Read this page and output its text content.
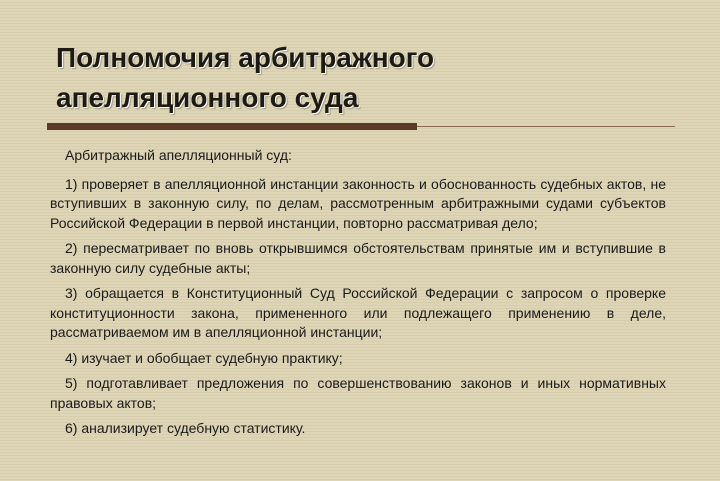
Полномочия арбитражного
апелляционного суда

Арбитражный апелляционный суд:

1) проверяет в апелляционной инстанции законность и обоснованность судебных актов, не вступивших в законную силу, по делам, рассмотренным арбитражными судами субъектов Российской Федерации в первой инстанции, повторно рассматривая дело;

2) пересматривает по вновь открывшимся обстоятельствам принятые им и вступившие в законную силу судебные акты;

3) обращается в Конституционный Суд Российской Федерации с запросом о проверке конституционности закона, примененного или подлежащего применению в деле, рассматриваемом им в апелляционной инстанции;

4) изучает и обобщает судебную практику;

5) подготавливает предложения по совершенствованию законов и иных нормативных правовых актов;

6) анализирует судебную статистику.
